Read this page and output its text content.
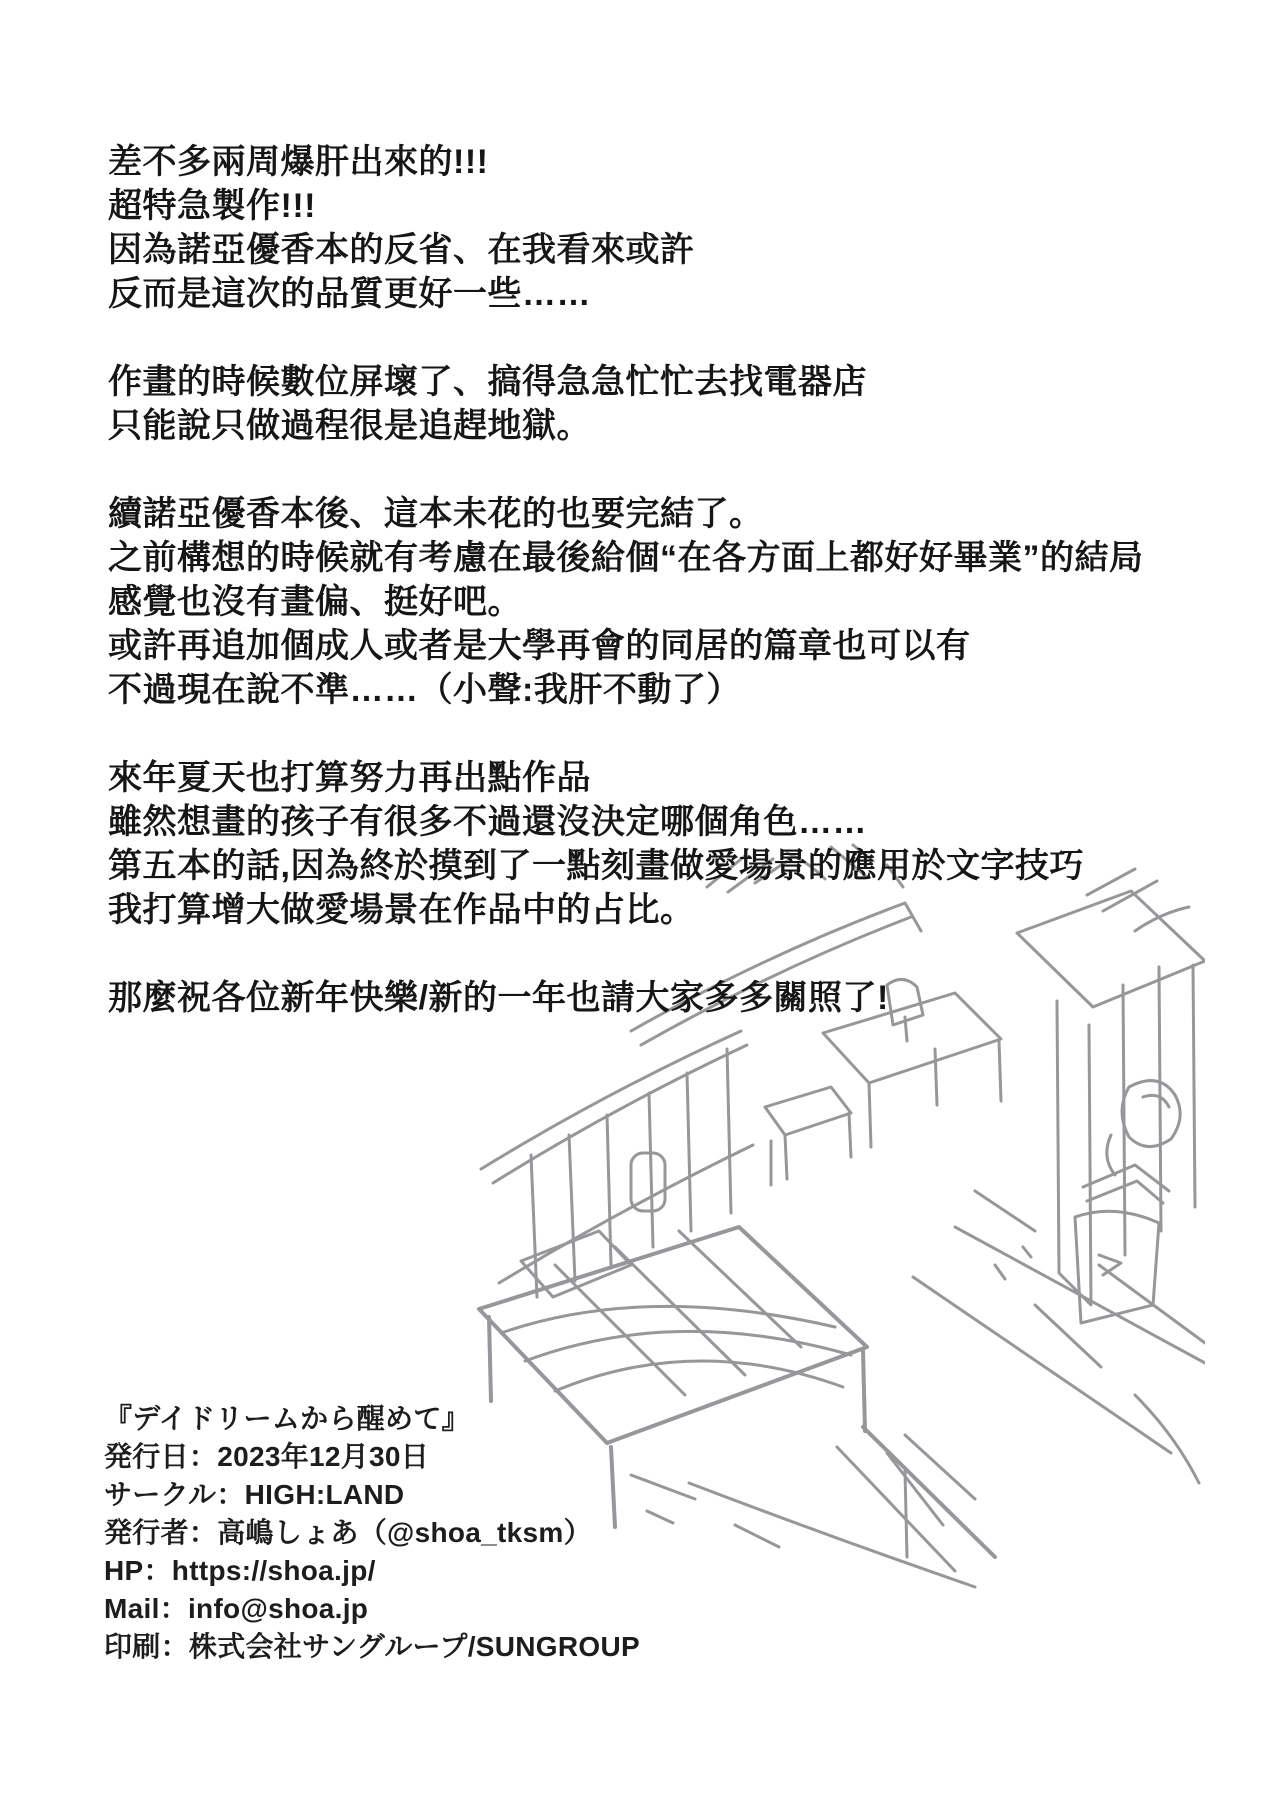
差不多兩周爆肝出來的!!!
超特急製作!!!
因為諾亞優香本的反省、在我看來或許
反而是這次的品質更好一些……
作畫的時候數位屏壞了、搞得急急忙忙去找電器店
只能說只做過程很是追趕地獄。
續諾亞優香本後、這本未花的也要完結了。
之前構想的時候就有考慮在最後給個“在各方面上都好好畢業”的結局
感覺也沒有畫偏、挺好吧。
或許再追加個成人或者是大學再會的同居的篇章也可以有
不過現在說不準……（小聲:我肝不動了）
來年夏天也打算努力再出點作品
雖然想畫的孩子有很多不過還沒決定哪個角色……
第五本的話,因為終於摸到了一點刻畫做愛場景的應用於文字技巧
我打算增大做愛場景在作品中的占比。
那麼祝各位新年快樂/新的一年也請大家多多關照了!
『デイドリームから醒めて』
発行日：2023年12月30日
サークル：HIGH:LAND
発行者：高嶋しょあ（@shoa_tksm）
HP：https://shoa.jp/
Mail：info@shoa.jp
印刷：株式会社サングループ/SUNGROUP
